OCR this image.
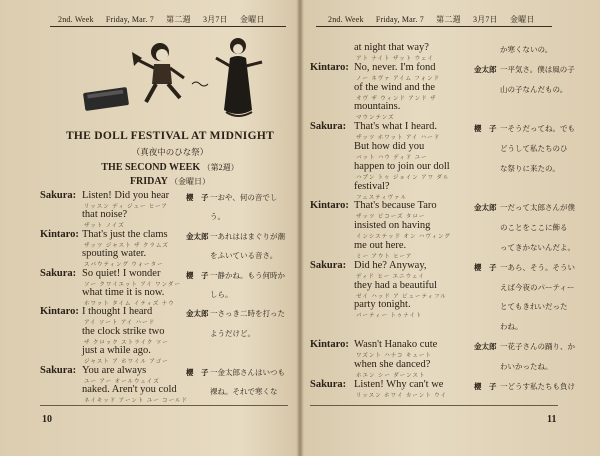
2nd. Week Friday, Mar. 7 第二週 3月7日 金曜日
THE DOLL FESTIVAL AT MIDNIGHT
（真夜中のひな祭）
THE SECOND WEEK （第2週）
FRIDAY （金曜日）
Sakura: Listen! Did you hear
リッスン ディ ジュー ヒーア
櫻　子 一おや、何の音でし
that noise?
ザット ノイズ
う。
Kintaro: That's just the clams
ザッツ ジャスト ザ クラムズ
金太郎 一あれははまぐりが潮
spouting water.
スパウティング ウォーター
をふいている音さ。
Sakura: So quiet! I wonder
ソー クワイエット アイ ワンダー
櫻　子 一静かね。もう何時か
what time it is now.
ホワット タイム イティズ ナウ
しら。
Kintaro: I thought I heard
アイ ソート アイ ハード
金太郎 一さっき二時を打った
the clock strike two
ザ クロック ストライク ツー
ようだけど。
just a while ago.
ジャスト ア ホワイル アゴー
Sakura: You are always
ユー アー オールウェイズ
櫻　子 一金太郎さんはいつも
naked. Aren't you cold
ネイキッド アーント ユー コールド
裸ね。それで寒くな
10
2nd. Week Friday, Mar. 7 第二週 3月7日 金曜日
at night that way?
アト ナイト ザット ウェイ
か寒くないの。
Kintaro: No, never. I'm fond
ノー ネヴァ アイム フォンド
金太郎 一平気さ。僕は風の子
of the wind and the
オヴ ザ ウィンド アンド ザ
山の子なんだもの。
mountains.
マウンテンズ
Sakura: That's what I heard.
ザッツ ホワット アイ ハード
櫻　子 一そうだってね。でも
But how did you
バット ハウ ディド ユー
どうして私たちのひ
happen to join our doll
ハプン トゥ ジョイン アワ ダル
な祭りに来たの。
festival?
フェスティヴァル
Kintaro: That's because Taro
ザッツ ビコーズ タロー
金太郎 一だって太郎さんが僕
insisted on having
インシステッド オン ハヴィング
のことをここに飾る
me out here.
ミー アウト ヒーア
ってきかないんだよ。
Sakura: Did he? Anyway,
ディド ヒー エニウェイ
櫻　子 一あら、そう。そうい
they had a beautiful
ゼイ ハッド ア ビューティフル
えば今夜のパーティー
party tonight.
パーティー トゥナイト
とてもきれいだった
わね。
Kintaro: Wasn't Hanako cute
ワズント ハナコ キュート
金太郎 一花子さんの踊り、か
when she danced?
ホエン シー ダーンスト
わいかったね。
Sakura: Listen! Why can't we
リッスン ホワイ カーント ウイ
櫻　子 一どうす私たちも負け
11
